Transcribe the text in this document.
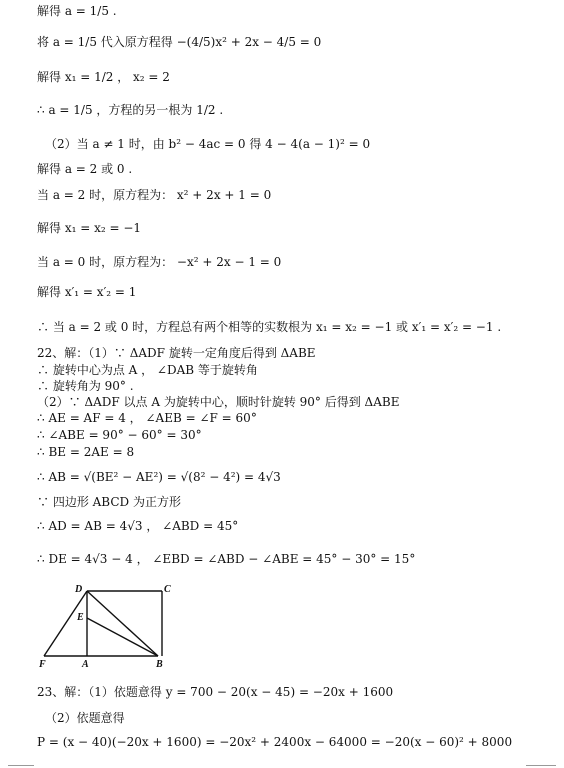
解得 a = 1/5 .
将 a = 1/5 代入原方程得 −(4/5)x² + 2x − 4/5 = 0
解得 x₁ = 1/2 ， x₂ = 2
∴ a = 1/5 ，方程的另一根为 1/2 .
（2）当 a ≠ 1 时，由 b² − 4ac = 0 得 4 − 4(a − 1)² = 0
解得 a = 2 或 0 .
当 a = 2 时，原方程为： x² + 2x + 1 = 0
解得 x₁ = x₂ = −1
当 a = 0 时，原方程为： −x² + 2x − 1 = 0
解得 x′₁ = x′₂ = 1
∴ 当 a = 2 或 0 时，方程总有两个相等的实数根为 x₁ = x₂ = −1 或 x′₁ = x′₂ = −1 .
22、解：（1）∵ ΔADF 旋转一定角度后得到 ΔABE
∴ 旋转中心为点 A ， ∠DAB 等于旋转角
∴ 旋转角为 90° .
（2）∵ ΔADF 以点 A 为旋转中心，顺时针旋转 90° 后得到 ΔABE
∴ AE = AF = 4 ， ∠AEB = ∠F = 60°
∴ ∠ABE = 90° − 60° = 30°
∴ BE = 2AE = 8
∴ AB = √(BE² − AE²) = √(8² − 4²) = 4√3
∵ 四边形 ABCD 为正方形
∴ AD = AB = 4√3 ， ∠ABD = 45°
∴ DE = 4√3 − 4 ， ∠EBD = ∠ABD − ∠ABE = 45° − 30° = 15°
D	C
E
F	A	B
23、解：（1）依题意得 y = 700 − 20(x − 45) = −20x + 1600
（2）依题意得
P = (x − 40)(−20x + 1600) = −20x² + 2400x − 64000 = −20(x − 60)² + 8000
